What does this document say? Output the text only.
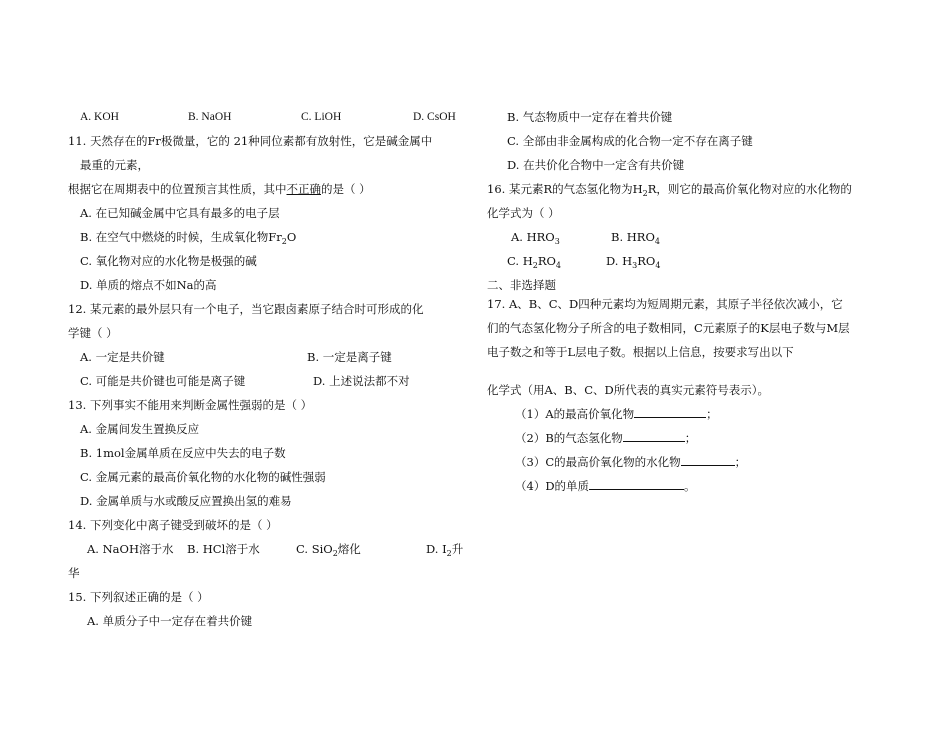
A. KOH	B. NaOH	C. LiOH	D. CsOH
11. 天然存在的Fr极微量，它的 21种同位素都有放射性，它是碱金属中
最重的元素，
根据它在周期表中的位置预言其性质，其中不正确的是（ ）
A. 在已知碱金属中它具有最多的电子层
B. 在空气中燃烧的时候，生成氧化物$Fr_2O$
C. 氧化物对应的水化物是极强的碱
D. 单质的熔点不如Na的高
12. 某元素的最外层只有一个电子，当它跟卤素原子结合时可形成的化
学键（ ）
A. 一定是共价键	B. 一定是离子键
C. 可能是共价键也可能是离子键	D. 上述说法都不对
13. 下列事实不能用来判断金属性强弱的是（ ）
A. 金属间发生置换反应
B. 1mol金属单质在反应中失去的电子数
C. 金属元素的最高价氧化物的水化物的碱性强弱
D. 金属单质与水或酸反应置换出氢的难易
14. 下列变化中离子键受到破坏的是（ ）
A. NaOH溶于水 B. HCl溶于水	C. SiO$_2$熔化	D. $I_2$升
华
15. 下列叙述正确的是（ ）
A. 单质分子中一定存在着共价键
B. 气态物质中一定存在着共价键
C. 全部由非金属构成的化合物一定不存在离子键
D. 在共价化合物中一定含有共价键
16. 某元素R的气态氢化物为$H_2R$，则它的最高价氧化物对应的水化物的
化学式为（ ）
A. $HRO_3$	B. $HRO_4$
C. $H_2RO_4$	D. $H_3RO_4$
二、非选择题
17. A、B、C、D四种元素均为短周期元素，其原子半径依次减小，它
们的气态氢化物分子所含的电子数相同，C元素原子的K层电子数与M层
电子数之和等于L层电子数。根据以上信息，按要求写出以下
化学式（用A、B、C、D所代表的真实元素符号表示）。
（1）A的最高价氧化物	；
（2）B的气态氢化物	；
（3）C的最高价氧化物的水化物	；
（4）D的单质	。
